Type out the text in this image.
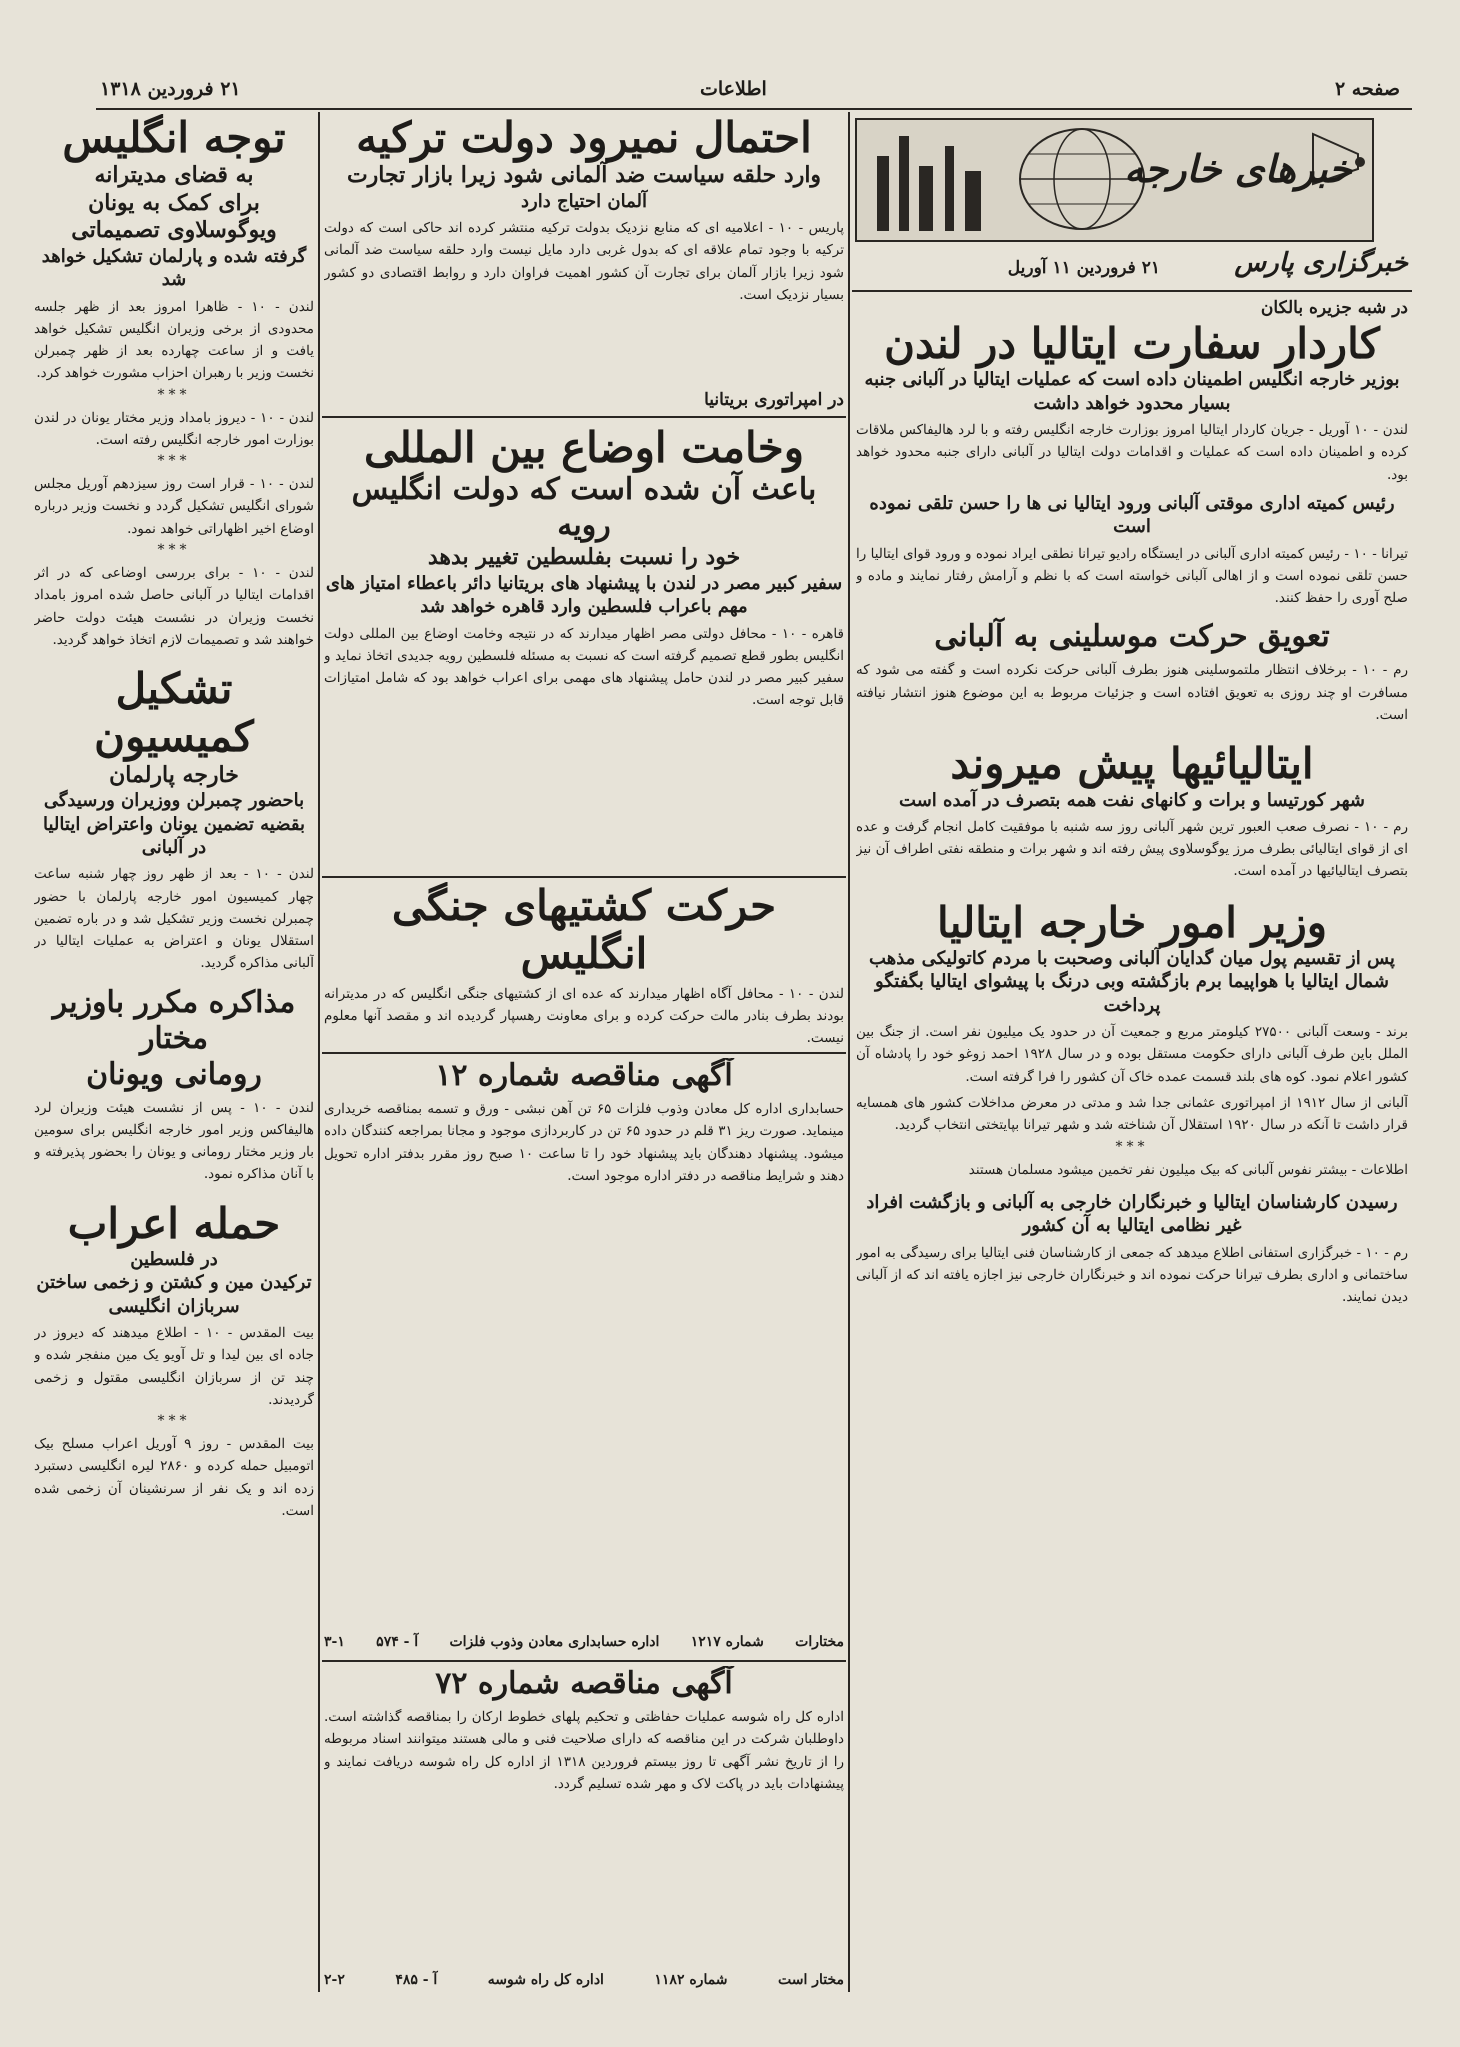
صفحه ۲
اطلاعات
۲۱ فروردین ۱۳۱۸
خبرهای خارجه
خبرگزاری پارس
۲۱ فروردین ۱۱ آوریل
در شبه جزیره بالکان

کاردار سفارت ایتالیا در لندن

بوزیر خارجه انگلیس اطمینان داده است که عملیات ایتالیا در آلبانی جنبه بسیار محدود خواهد داشت

لندن - ۱۰ آوریل - جریان کاردار ایتالیا امروز بوزارت خارجه انگلیس رفته و با لرد هالیفاکس ملاقات کرده و اطمینان داده است که عملیات و اقدامات دولت ایتالیا در آلبانی دارای جنبه محدود خواهد بود.

رئیس کمیته اداری موقتی آلبانی ورود ایتالیا نی ها را حسن تلقی نموده است

تیرانا - ۱۰ - رئیس کمیته اداری آلبانی در ایستگاه رادیو تیرانا نطقی ایراد نموده و ورود قوای ایتالیا را حسن تلقی نموده است و از اهالی آلبانی خواسته است که با نظم و آرامش رفتار نمایند و ماده و صلح آوری را حفظ کنند.

تعویق حرکت موسلینی به آلبانی

رم - ۱۰ - برخلاف انتظار ملتموسلینی هنوز بطرف آلبانی حرکت نکرده است و گفته می شود که مسافرت او چند روزی به تعویق افتاده است و جزئیات مربوط به این موضوع هنوز انتشار نیافته است.

ایتالیائیها پیش میروند

شهر کورتیسا و برات و کانهای نفت همه بتصرف در آمده است

رم - ۱۰ - نصرف صعب العبور ترین شهر آلبانی روز سه شنبه با موفقیت کامل انجام گرفت و عده ای از قوای ایتالیائی بطرف مرز یوگوسلاوی پیش رفته اند و شهر برات و منطقه نفتی اطراف آن نیز بتصرف ایتالیائیها در آمده است.

وزیر امور خارجه ایتالیا

پس از تقسیم پول میان گدایان آلبانی وصحبت با مردم کاتولیکی مذهب شمال ایتالیا با هواپیما برم بازگشته وبی درنگ با پیشوای ایتالیا بگفتگو پرداخت

برند - وسعت آلبانی ۲۷۵۰۰ کیلومتر مربع و جمعیت آن در حدود یک میلیون نفر است. از جنگ بین الملل باین طرف آلبانی دارای حکومت مستقل بوده و در سال ۱۹۲۸ احمد زوغو خود را پادشاه آن کشور اعلام نمود. کوه های بلند قسمت عمده خاک آن کشور را فرا گرفته است.

آلبانی از سال ۱۹۱۲ از امپراتوری عثمانی جدا شد و مدتی در معرض مداخلات کشور های همسایه قرار داشت تا آنکه در سال ۱۹۲۰ استقلال آن شناخته شد و شهر تیرانا بپایتختی انتخاب گردید.

***

اطلاعات - بیشتر نفوس آلبانی که بیک میلیون نفر تخمین میشود مسلمان هستند

رسیدن کارشناسان ایتالیا و خبرنگاران خارجی به آلبانی و بازگشت افراد غیر نظامی ایتالیا به آن کشور

رم - ۱۰ - خبرگزاری استفانی اطلاع میدهد که جمعی از کارشناسان فنی ایتالیا برای رسیدگی به امور ساختمانی و اداری بطرف تیرانا حرکت نموده اند و خبرنگاران خارجی نیز اجازه یافته اند که از آلبانی دیدن نمایند.

احتمال نمیرود دولت ترکیه

وارد حلقه سیاست ضد آلمانی شود زیرا بازار تجارت

آلمان احتیاج دارد

پاریس - ۱۰ - اعلامیه ای که منابع نزدیک بدولت ترکیه منتشر کرده اند حاکی است که دولت ترکیه با وجود تمام علاقه ای که بدول غربی دارد مایل نیست وارد حلقه سیاست ضد آلمانی شود زیرا بازار آلمان برای تجارت آن کشور اهمیت فراوان دارد و روابط اقتصادی دو کشور بسیار نزدیک است.

در امپراتوری بریتانیا

وخامت اوضاع بین المللی

باعث آن شده است که دولت انگلیس رویه

خود را نسبت بفلسطین تغییر بدهد

سفیر کبیر مصر در لندن با پیشنهاد های بریتانیا دائر باعطاء امتیاز های مهم باعراب فلسطین وارد قاهره خواهد شد

قاهره - ۱۰ - محافل دولتی مصر اظهار میدارند که در نتیجه وخامت اوضاع بین المللی دولت انگلیس بطور قطع تصمیم گرفته است که نسبت به مسئله فلسطین رویه جدیدی اتخاذ نماید و سفیر کبیر مصر در لندن حامل پیشنهاد های مهمی برای اعراب خواهد بود که شامل امتیازات قابل توجه است.

حرکت کشتیهای جنگی انگلیس

لندن - ۱۰ - محافل آگاه اظهار میدارند که عده ای از کشتیهای جنگی انگلیس که در مدیترانه بودند بطرف بنادر مالت حرکت کرده و برای معاونت رهسپار گردیده اند و مقصد آنها معلوم نیست.

آگهی مناقصه شماره ۱۲

حسابداری اداره کل معادن وذوب فلزات ۶۵ تن آهن نبشی - ورق و تسمه بمناقصه خریداری مینماید. صورت ریز ۳۱ قلم در حدود ۶۵ تن در کاربردازی موجود و مجانا بمراجعه کنندگان داده میشود. پیشنهاد دهندگان باید پیشنهاد خود را تا ساعت ۱۰ صبح روز مقرر بدفتر اداره تحویل دهند و شرایط مناقصه در دفتر اداره موجود است.

مختارات
شماره ۱۲۱۷
اداره حسابداری معادن وذوب فلزات
آ - ۵۷۴
۳-۱

آگهی مناقصه شماره ۷۲

اداره کل راه شوسه عملیات حفاظتی و تحکیم پلهای خطوط ارکان را بمناقصه گذاشته است. داوطلبان شرکت در این مناقصه که دارای صلاحیت فنی و مالی هستند میتوانند اسناد مربوطه را از تاریخ نشر آگهی تا روز بیستم فروردین ۱۳۱۸ از اداره کل راه شوسه دریافت نمایند و پیشنهادات باید در پاکت لاک و مهر شده تسلیم گردد.

مختار است
شماره ۱۱۸۲
اداره کل راه شوسه
آ - ۴۸۵
۲-۲

توجه انگلیس

به قضای مدیترانه

برای کمک به یونان

ویوگوسلاوی تصمیماتی

گرفته شده و پارلمان تشکیل خواهد شد

لندن - ۱۰ - ظاهرا امروز بعد از ظهر جلسه محدودی از برخی وزیران انگلیس تشکیل خواهد یافت و از ساعت چهارده بعد از ظهر چمبرلن نخست وزیر با رهبران احزاب مشورت خواهد کرد.

***

لندن - ۱۰ - دیروز بامداد وزیر مختار یونان در لندن بوزارت امور خارجه انگلیس رفته است.

***

لندن - ۱۰ - قرار است روز سیزدهم آوریل مجلس شورای انگلیس تشکیل گردد و نخست وزیر درباره اوضاع اخیر اظهاراتی خواهد نمود.

***

لندن - ۱۰ - برای بررسی اوضاعی که در اثر اقدامات ایتالیا در آلبانی حاصل شده امروز بامداد نخست وزیران در نشست هیئت دولت حاضر خواهند شد و تصمیمات لازم اتخاذ خواهد گردید.

تشکیل کمیسیون

خارجه پارلمان

باحضور چمبرلن ووزیران ورسیدگی بقضیه تضمین یونان واعتراض ایتالیا در آلبانی

لندن - ۱۰ - بعد از ظهر روز چهار شنبه ساعت چهار کمیسیون امور خارجه پارلمان با حضور چمبرلن نخست وزیر تشکیل شد و در باره تضمین استقلال یونان و اعتراض به عملیات ایتالیا در آلبانی مذاکره گردید.

مذاکره مکرر باوزیر مختار

رومانی ویونان

لندن - ۱۰ - پس از نشست هیئت وزیران لرد هالیفاکس وزیر امور خارجه انگلیس برای سومین بار وزیر مختار رومانی و یونان را بحضور پذیرفته و با آنان مذاکره نمود.

حمله اعراب

در فلسطین

ترکیدن مین و کشتن و زخمی ساختن سربازان انگلیسی

بیت المقدس - ۱۰ - اطلاع میدهند که دیروز در جاده ای بین لیدا و تل آویو یک مین منفجر شده و چند تن از سربازان انگلیسی مقتول و زخمی گردیدند.

***

بیت المقدس - روز ۹ آوریل اعراب مسلح بیک اتومبیل حمله کرده و ۲۸۶۰ لیره انگلیسی دستبرد زده اند و یک نفر از سرنشینان آن زخمی شده است.
